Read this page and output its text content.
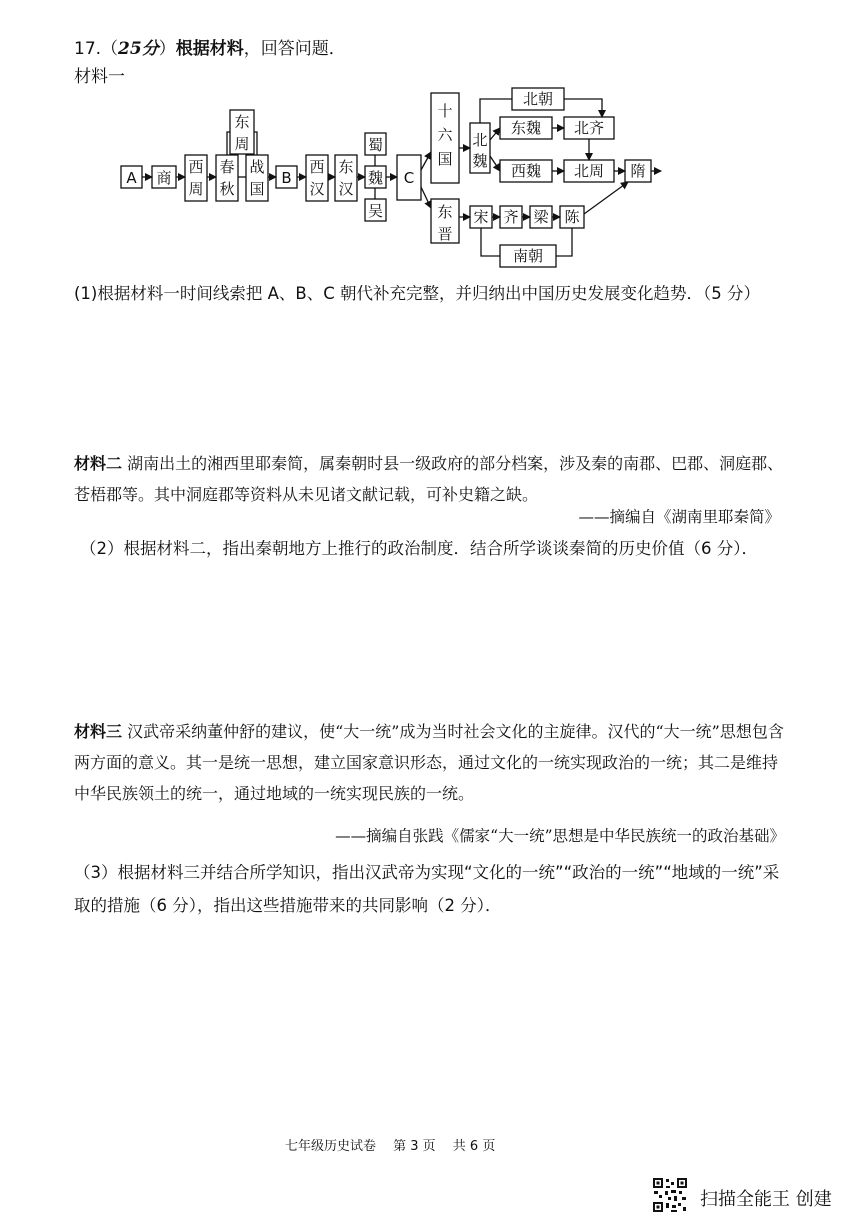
17.（25分）根据材料，回答问题．
材料一
A 商
西
周
东
周
春
秋
战
国
B
西
汉
东
汉
蜀
魏
吴
C
十
六
国
东
晋
北
魏
北朝
东魏 北齐
西魏 北周 隋
宋 齐 梁 陈
南朝
(1)根据材料一时间线索把 A、B、C 朝代补充完整，并归纳出中国历史发展变化趋势．（5 分）
材料二 湖南出土的湘西里耶秦简，属秦朝时县一级政府的部分档案，涉及秦的南郡、巴郡、洞庭郡、苍梧郡等。其中洞庭郡等资料从未见诸文献记载，可补史籍之缺。
——摘编自《湖南里耶秦简》
（2）根据材料二，指出秦朝地方上推行的政治制度．结合所学谈谈秦简的历史价值（6 分）．
材料三 汉武帝采纳董仲舒的建议，使“大一统”成为当时社会文化的主旋律。汉代的“大一统”思想包含两方面的意义。其一是统一思想，建立国家意识形态，通过文化的一统实现政治的一统；其二是维持中华民族领土的统一，通过地域的一统实现民族的一统。
——摘编自张践《儒家“大一统”思想是中华民族统一的政治基础》
（3）根据材料三并结合所学知识，指出汉武帝为实现“文化的一统”“政治的一统”“地域的一统”采取的措施（6 分），指出这些措施带来的共同影响（2 分）．
七年级历史试卷　 第 3 页　 共 6 页
扫描全能王 创建
